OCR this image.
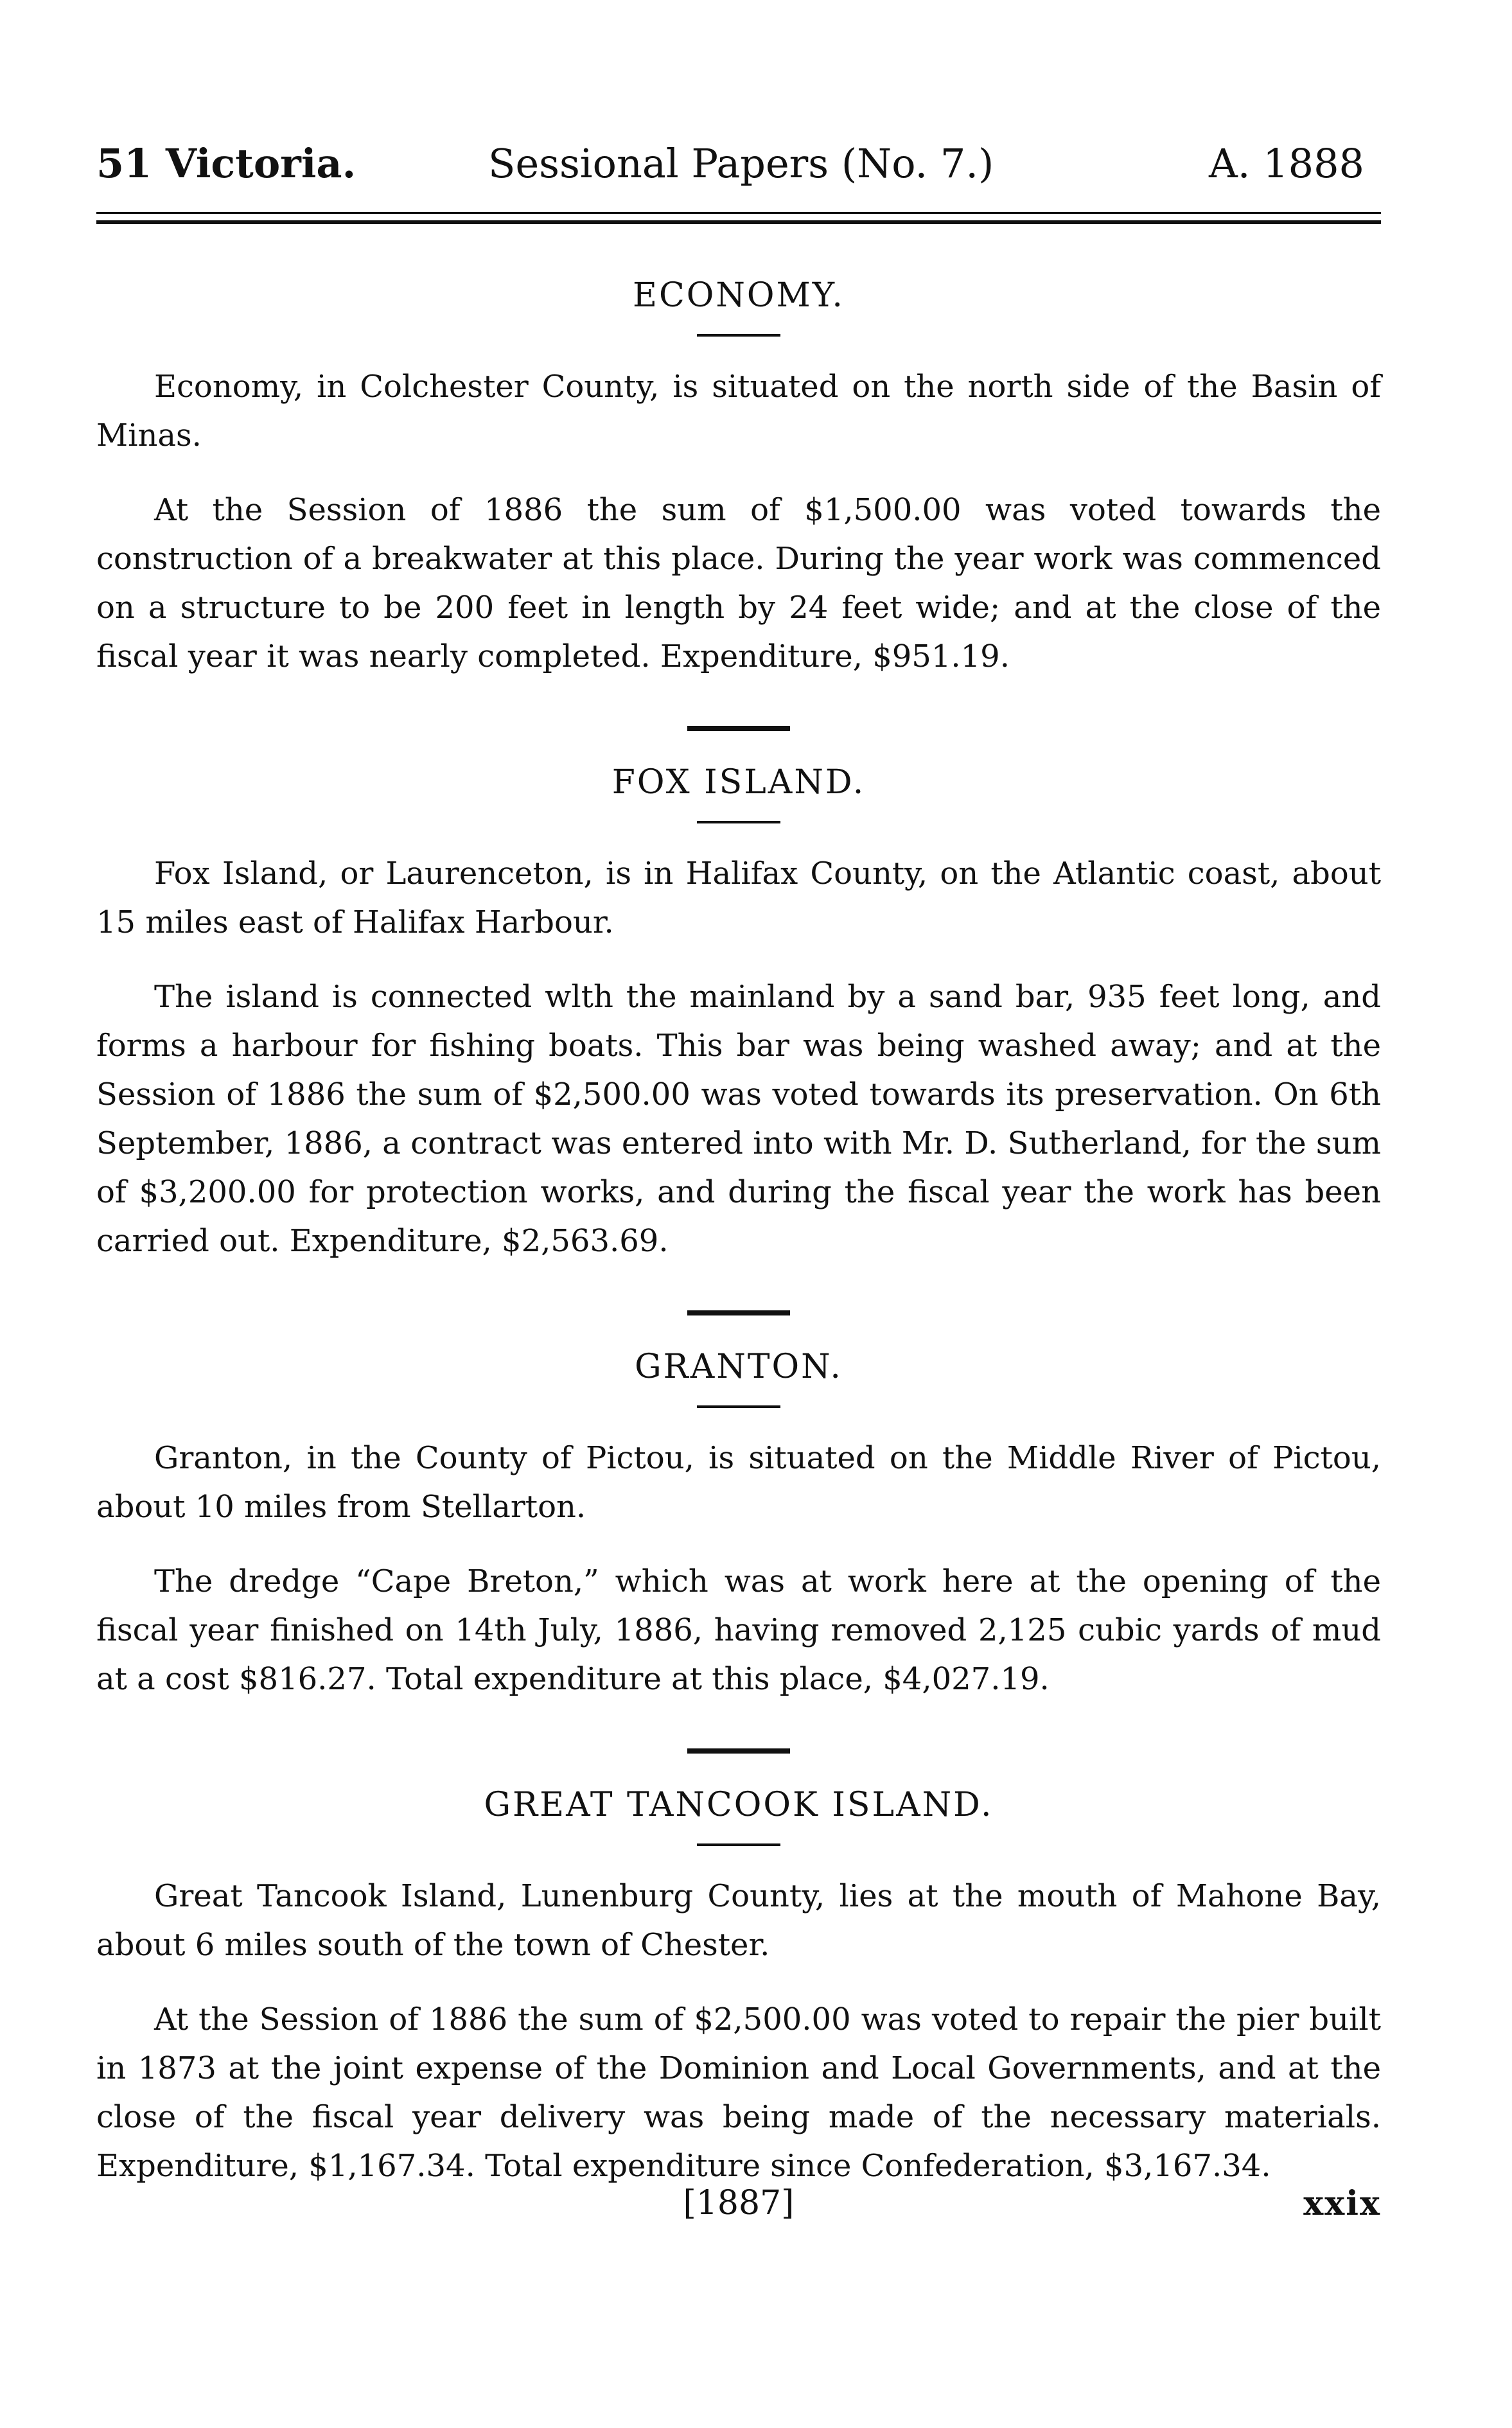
51 Victoria.	Sessional Papers (No. 7.)	A. 1888
ECONOMY.

Economy, in Colchester County, is situated on the north side of the Basin of Minas.

At the Session of 1886 the sum of $1,500.00 was voted towards the construction of a breakwater at this place. During the year work was commenced on a structure to be 200 feet in length by 24 feet wide; and at the close of the fiscal year it was nearly completed. Expenditure, $951.19.

FOX ISLAND.

Fox Island, or Laurenceton, is in Halifax County, on the Atlantic coast, about 15 miles east of Halifax Harbour.

The island is connected wlth the mainland by a sand bar, 935 feet long, and forms a harbour for fishing boats. This bar was being washed away; and at the Session of 1886 the sum of $2,500.00 was voted towards its preservation. On 6th September, 1886, a contract was entered into with Mr. D. Sutherland, for the sum of $3,200.00 for protection works, and during the fiscal year the work has been carried out. Expenditure, $2,563.69.

GRANTON.

Granton, in the County of Pictou, is situated on the Middle River of Pictou, about 10 miles from Stellarton.

The dredge “Cape Breton,” which was at work here at the opening of the fiscal year finished on 14th July, 1886, having removed 2,125 cubic yards of mud at a cost $816.27. Total expenditure at this place, $4,027.19.

GREAT TANCOOK ISLAND.

Great Tancook Island, Lunenburg County, lies at the mouth of Mahone Bay, about 6 miles south of the town of Chester.

At the Session of 1886 the sum of $2,500.00 was voted to repair the pier built in 1873 at the joint expense of the Dominion and Local Governments, and at the close of the fiscal year delivery was being made of the necessary materials. Expenditure, $1,167.34. Total expenditure since Confederation, $3,167.34.

[1887]	xxix
